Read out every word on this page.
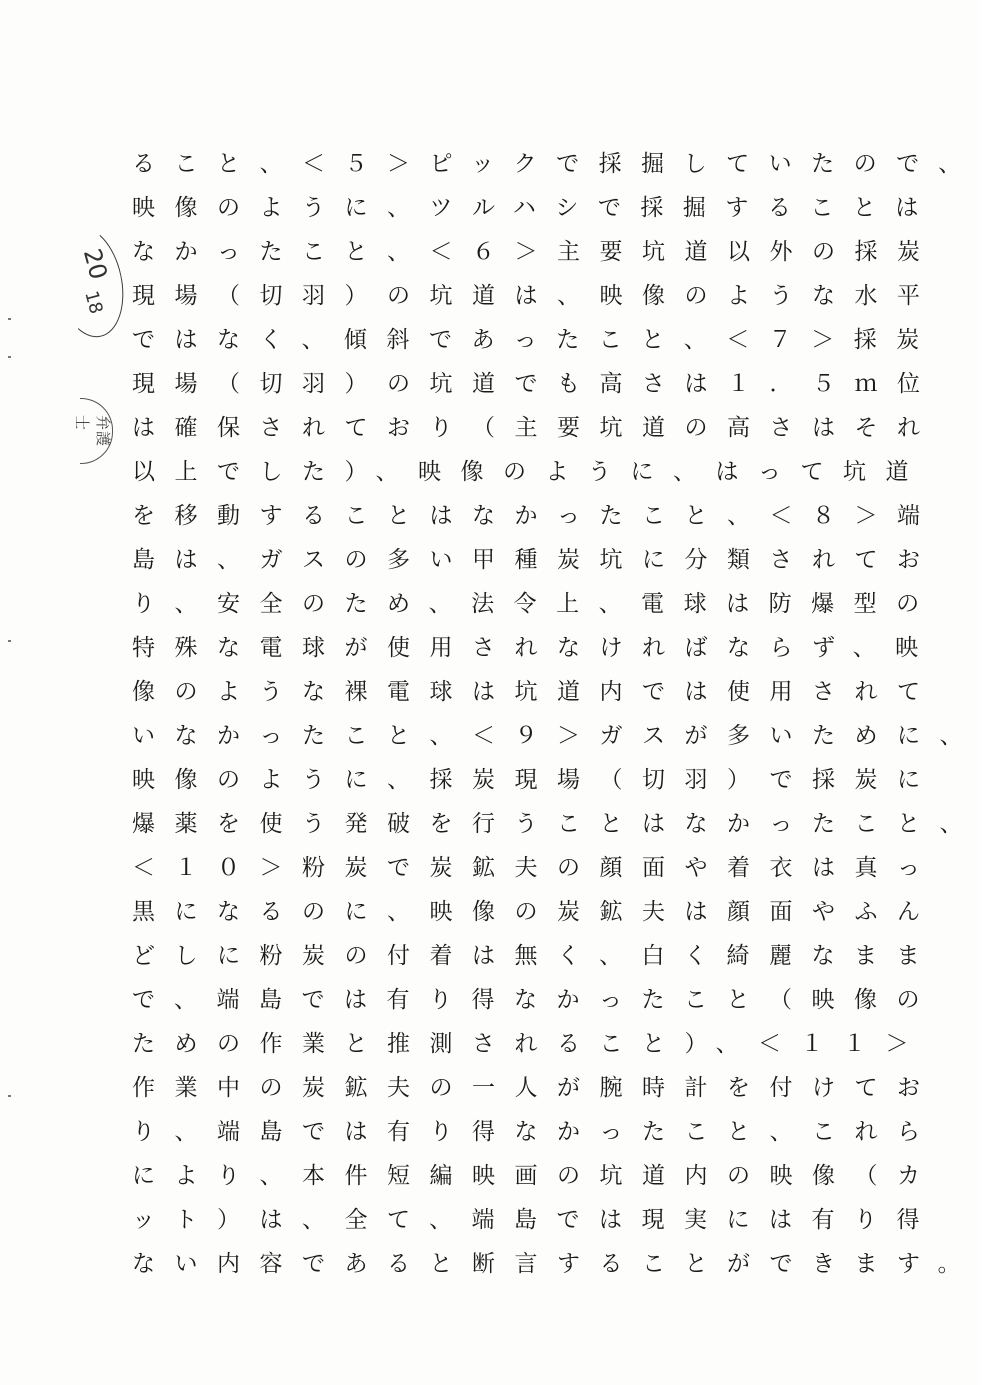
20
18
弁護士
ること、＜５＞ピックで採掘していたので、
映像のように、ツルハシで採掘することは
なかったこと、＜６＞主要坑道以外の採炭
現場（切羽）の坑道は、映像のような水平
ではなく、傾斜であったこと、＜７＞採炭
現場（切羽）の坑道でも高さは１．５ｍ位
は確保されており（主要坑道の高さはそれ
以上でした）、映像のように、はって坑道
を移動することはなかったこと、＜８＞端
島は、ガスの多い甲種炭坑に分類されてお
り、安全のため、法令上、電球は防爆型の
特殊な電球が使用されなければならず、映
像のような裸電球は坑道内では使用されて
いなかったこと、＜９＞ガスが多いために、
映像のように、採炭現場（切羽）で採炭に
爆薬を使う発破を行うことはなかったこと、
＜１０＞粉炭で炭鉱夫の顔面や着衣は真っ
黒になるのに、映像の炭鉱夫は顔面やふん
どしに粉炭の付着は無く、白く綺麗なまま
で、端島では有り得なかったこと（映像の
ための作業と推測されること）、＜１１＞
作業中の炭鉱夫の一人が腕時計を付けてお
り、端島では有り得なかったこと、これら
により、本件短編映画の坑道内の映像（カ
ット）は、全て、端島では現実には有り得
ない内容であると断言することができます。
